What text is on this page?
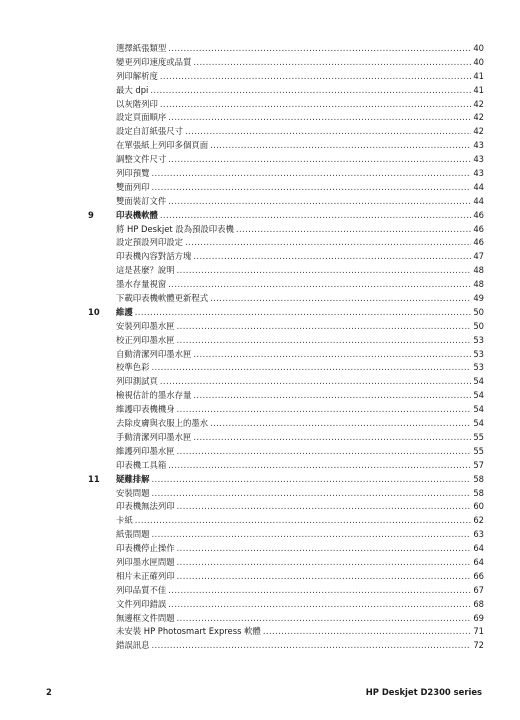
選擇紙張類型 .....	40
變更列印速度或品質 .....	40
列印解析度 .....	41
最大 dpi .....	41
以灰階列印 .....	42
設定頁面順序 .....	42
設定自訂紙張尺寸 .....	42
在單張紙上列印多個頁面 .....	43
調整文件尺寸 .....	43
列印預覽 .....	43
雙面列印 .....	44
雙面裝訂文件 .....	44
9	印表機軟體 .....	46
將 HP Deskjet 設為預設印表機 .....	46
設定預設列印設定 .....	46
印表機內容對話方塊 .....	47
這是甚麼？說明 .....	48
墨水存量視窗 .....	48
下載印表機軟體更新程式 .....	49
10	維護 .....	50
安裝列印墨水匣 .....	50
校正列印墨水匣 .....	53
自動清潔列印墨水匣 .....	53
校準色彩 .....	53
列印測試頁 .....	54
檢視估計的墨水存量 .....	54
維護印表機機身 .....	54
去除皮膚與衣服上的墨水 .....	54
手動清潔列印墨水匣 .....	55
維護列印墨水匣 .....	55
印表機工具箱 .....	57
11	疑難排解 .....	58
安裝問題 .....	58
印表機無法列印 .....	60
卡紙 .....	62
紙張問題 .....	63
印表機停止操作 .....	64
列印墨水匣問題 .....	64
相片未正確列印 .....	66
列印品質不佳 .....	67
文件列印錯誤 .....	68
無邊框文件問題 .....	69
未安裝 HP Photosmart Express 軟體 .....	71
錯誤訊息 .....	72
2	HP Deskjet D2300 series
